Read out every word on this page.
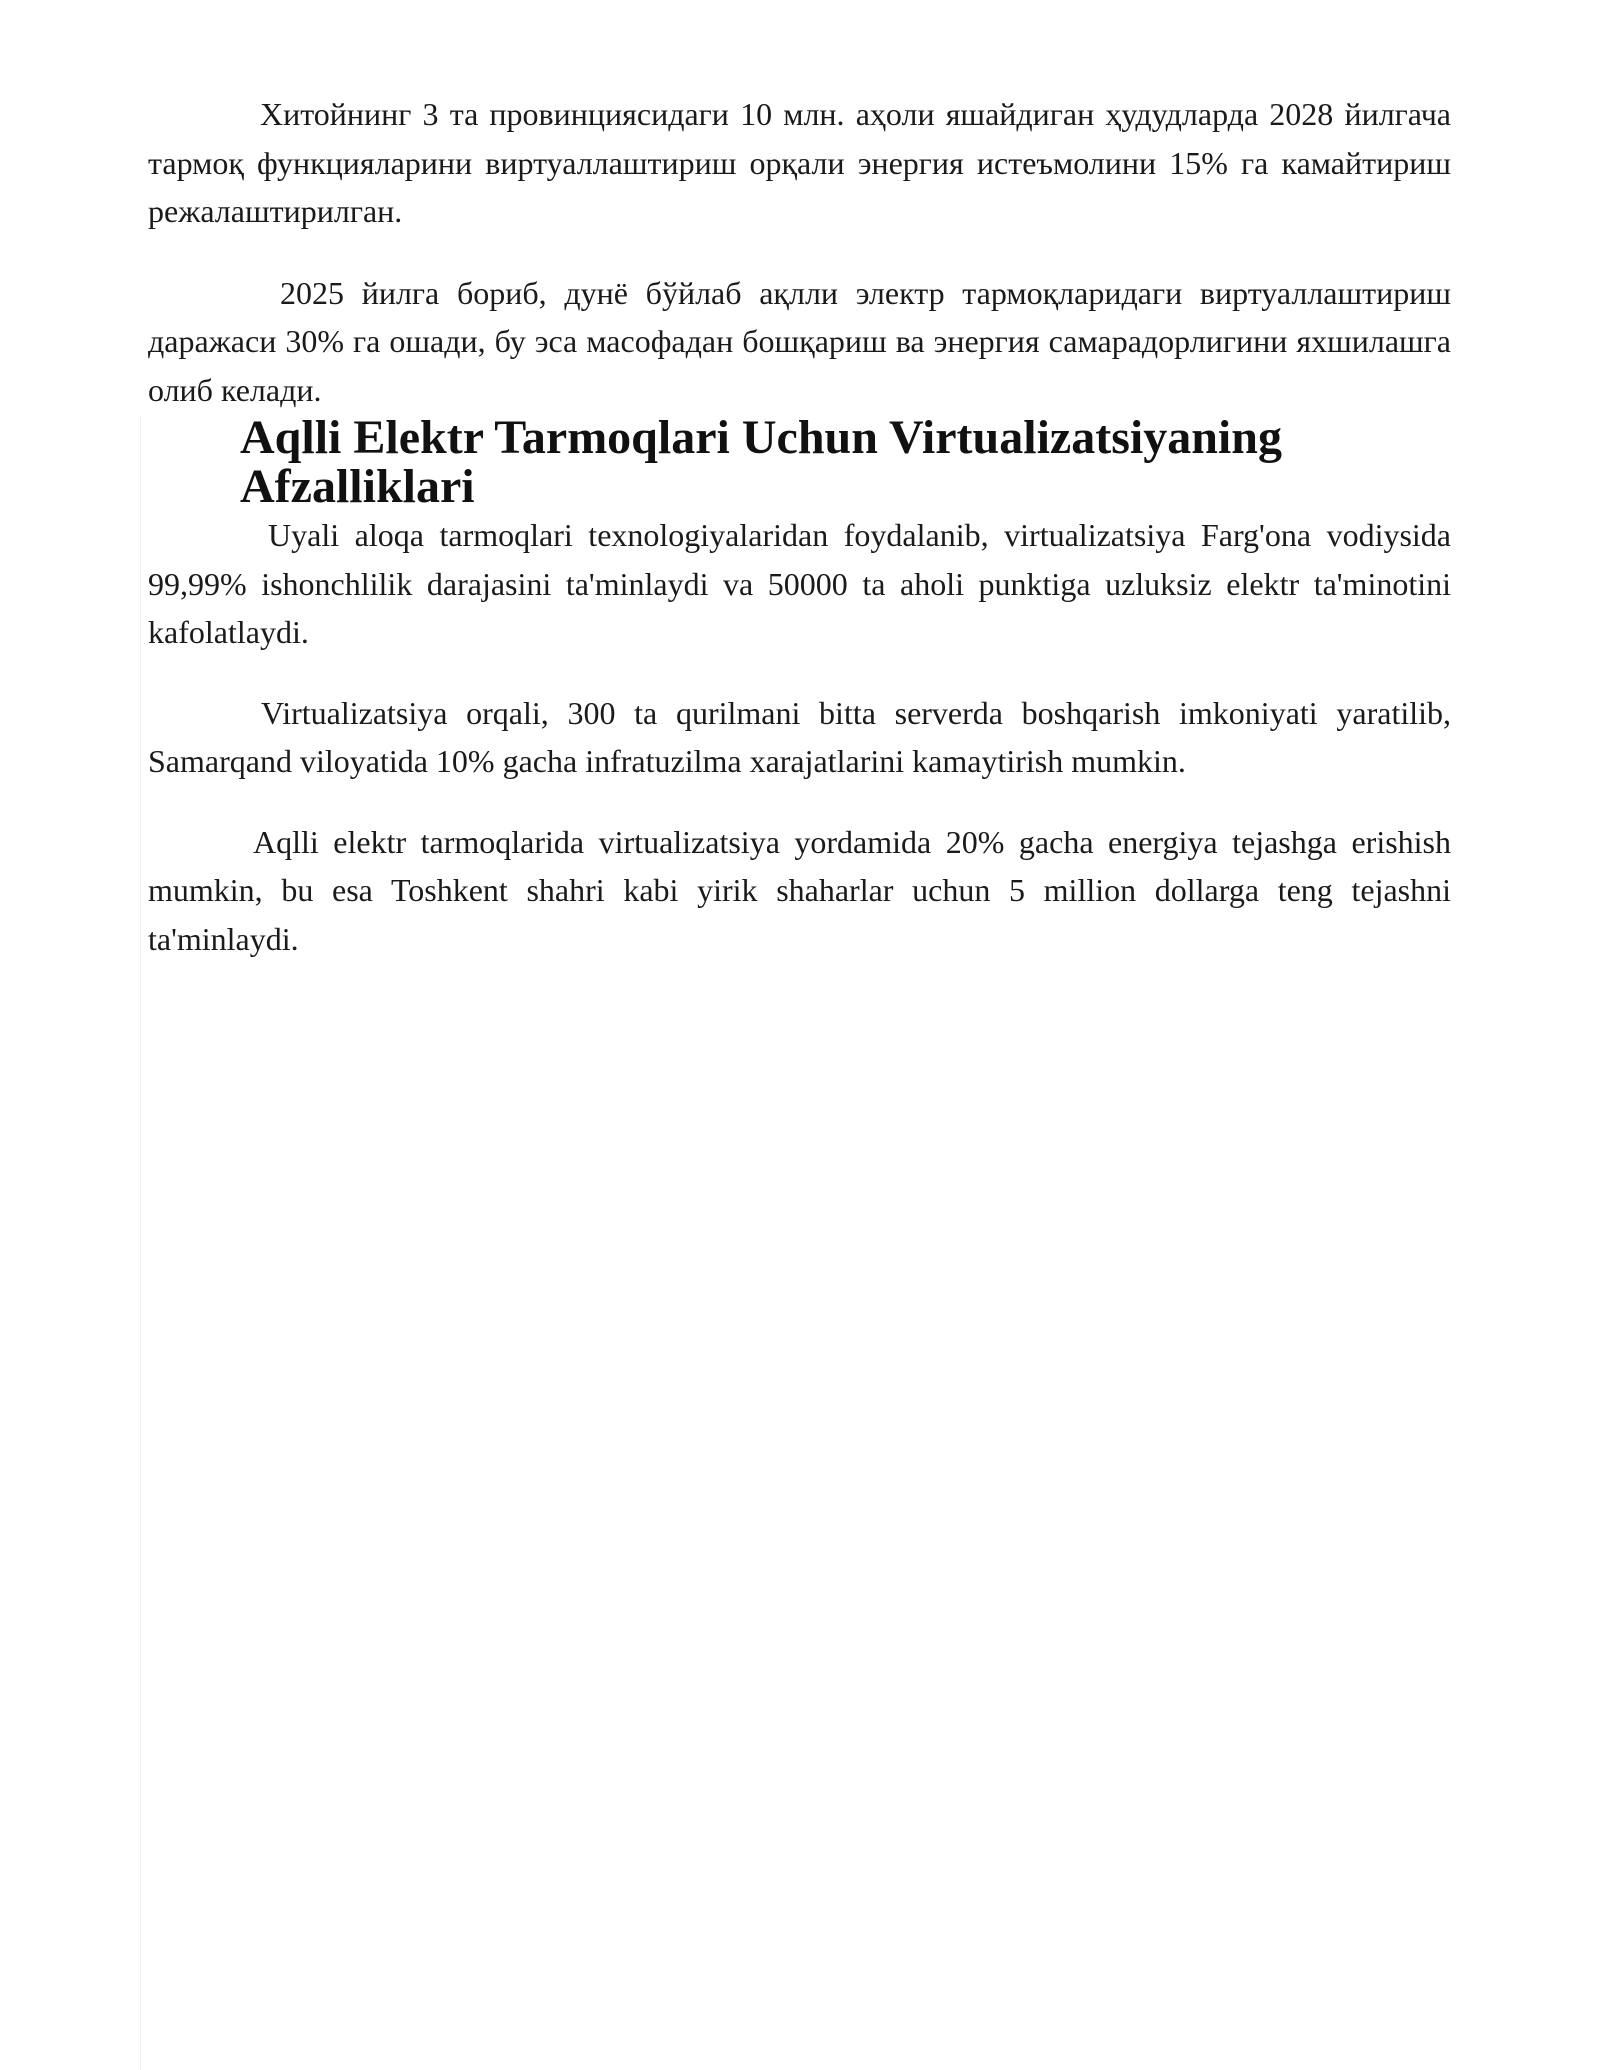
Хитойнинг 3 та провинциясидаги 10 млн. аҳоли яшайдиган ҳудудларда 2028 йилгача тармоқ функцияларини виртуаллаштириш орқали энергия истеъмолини 15% га камайтириш режалаштирилган.

2025 йилга бориб, дунё бўйлаб ақлли электр тармоқларидаги виртуаллаштириш даражаси 30% га ошади, бу эса масофадан бошқариш ва энергия самарадорлигини яхшилашга олиб келади.

Aqlli Elektr Tarmoqlari Uchun Virtualizatsiyaning Afzalliklari

Uyali aloqa tarmoqlari texnologiyalaridan foydalanib, virtualizatsiya Farg'ona vodiysida 99,99% ishonchlilik darajasini ta'minlaydi va 50000 ta aholi punktiga uzluksiz elektr ta'minotini kafolatlaydi.

Virtualizatsiya orqali, 300 ta qurilmani bitta serverda boshqarish imkoniyati yaratilib, Samarqand viloyatida 10% gacha infratuzilma xarajatlarini kamaytirish mumkin.

Aqlli elektr tarmoqlarida virtualizatsiya yordamida 20% gacha energiya tejashga erishish mumkin, bu esa Toshkent shahri kabi yirik shaharlar uchun 5 million dollarga teng tejashni ta'minlaydi.
